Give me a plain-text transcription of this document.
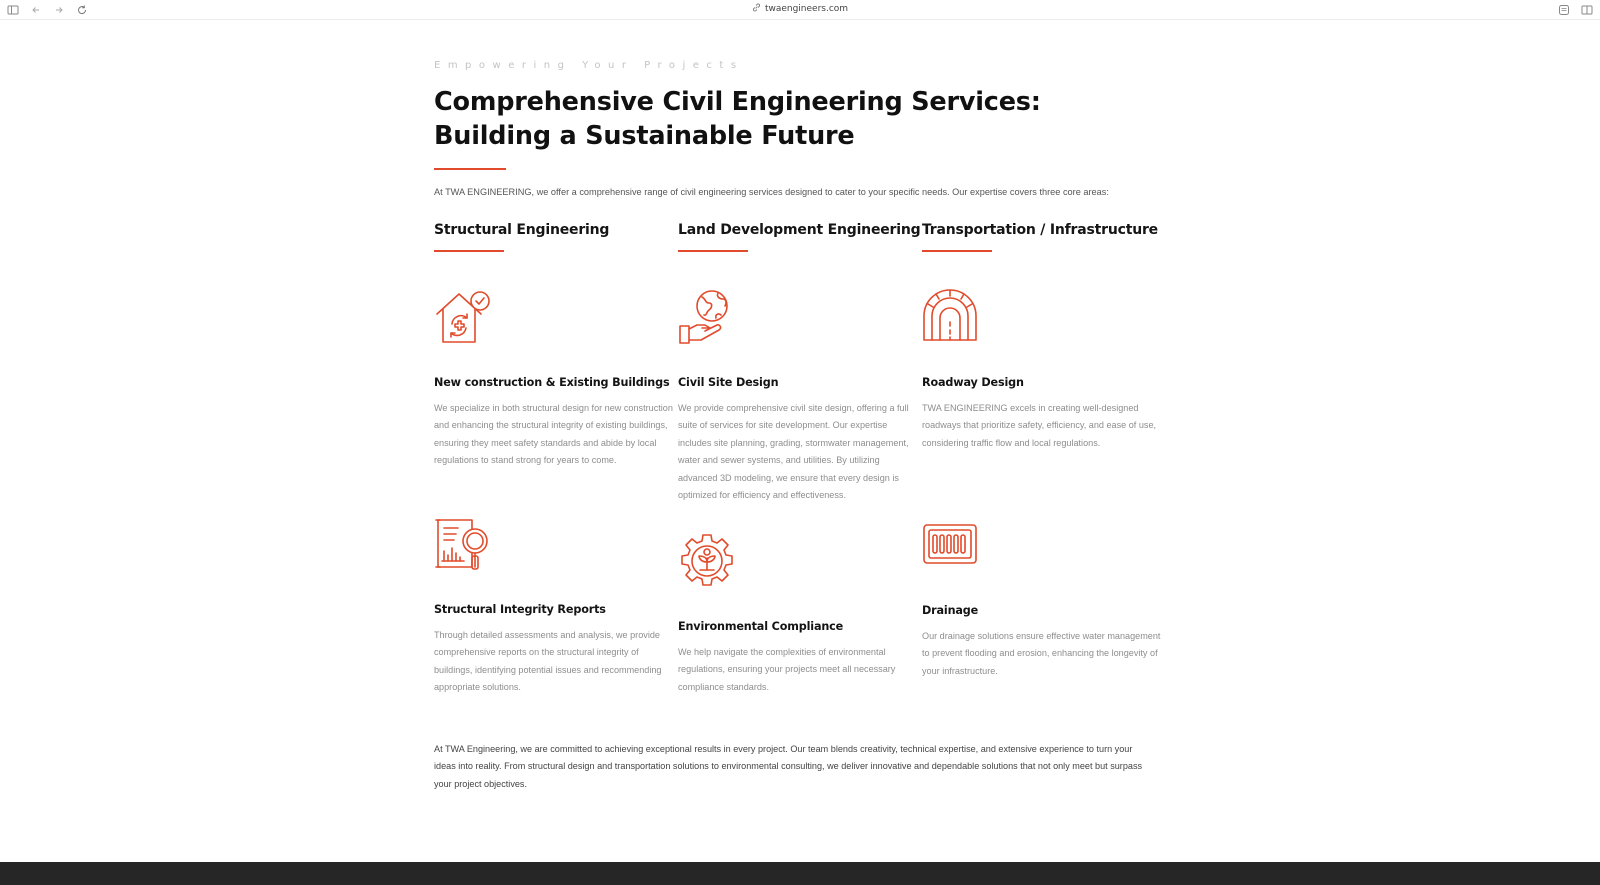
twaengineers.com
Empowering Your Projects
Comprehensive Civil Engineering Services: Building a Sustainable Future

At TWA ENGINEERING, we offer a comprehensive range of civil engineering services designed to cater to your specific needs. Our expertise covers three core areas:

Structural Engineering
New construction & Existing Buildings

We specialize in both structural design for new construction and enhancing the structural integrity of existing buildings, ensuring they meet safety standards and abide by local regulations to stand strong for years to come.

Structural Integrity Reports

Through detailed assessments and analysis, we provide comprehensive reports on the structural integrity of buildings, identifying potential issues and recommending appropriate solutions.

Land Development Engineering
Civil Site Design

We provide comprehensive civil site design, offering a full suite of services for site development. Our expertise includes site planning, grading, stormwater management, water and sewer systems, and utilities. By utilizing advanced 3D modeling, we ensure that every design is optimized for efficiency and effectiveness.

Environmental Compliance

We help navigate the complexities of environmental regulations, ensuring your projects meet all necessary compliance standards.

Transportation / Infrastructure
Roadway Design

TWA ENGINEERING excels in creating well-designed roadways that prioritize safety, efficiency, and ease of use, considering traffic flow and local regulations.

Drainage

Our drainage solutions ensure effective water management to prevent flooding and erosion, enhancing the longevity of your infrastructure.

At TWA Engineering, we are committed to achieving exceptional results in every project. Our team blends creativity, technical expertise, and extensive experience to turn your ideas into reality. From structural design and transportation solutions to environmental consulting, we deliver innovative and dependable solutions that not only meet but surpass your project objectives.
